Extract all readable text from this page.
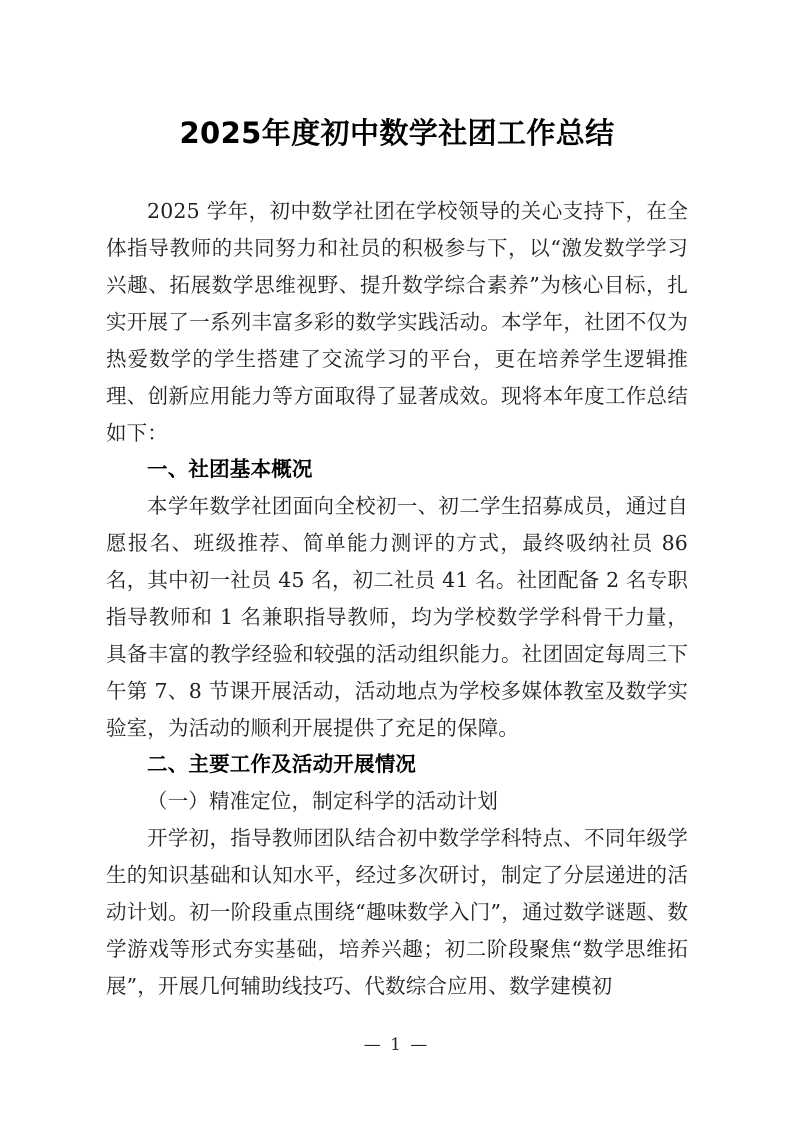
2025年度初中数学社团工作总结

2025 学年，初中数学社团在学校领导的关心支持下，在全体指导教师的共同努力和社员的积极参与下，以“激发数学学习兴趣、拓展数学思维视野、提升数学综合素养”为核心目标，扎实开展了一系列丰富多彩的数学实践活动。本学年，社团不仅为热爱数学的学生搭建了交流学习的平台，更在培养学生逻辑推理、创新应用能力等方面取得了显著成效。现将本年度工作总结如下：

一、社团基本概况

本学年数学社团面向全校初一、初二学生招募成员，通过自愿报名、班级推荐、简单能力测评的方式，最终吸纳社员 86 名，其中初一社员 45 名，初二社员 41 名。社团配备 2 名专职指导教师和 1 名兼职指导教师，均为学校数学学科骨干力量，具备丰富的教学经验和较强的活动组织能力。社团固定每周三下午第 7、8 节课开展活动，活动地点为学校多媒体教室及数学实验室，为活动的顺利开展提供了充足的保障。

二、主要工作及活动开展情况

（一）精准定位，制定科学的活动计划

开学初，指导教师团队结合初中数学学科特点、不同年级学生的知识基础和认知水平，经过多次研讨，制定了分层递进的活动计划。初一阶段重点围绕“趣味数学入门”，通过数学谜题、数学游戏等形式夯实基础，培养兴趣；初二阶段聚焦“数学思维拓展”，开展几何辅助线技巧、代数综合应用、数学建模初

— 1 —
